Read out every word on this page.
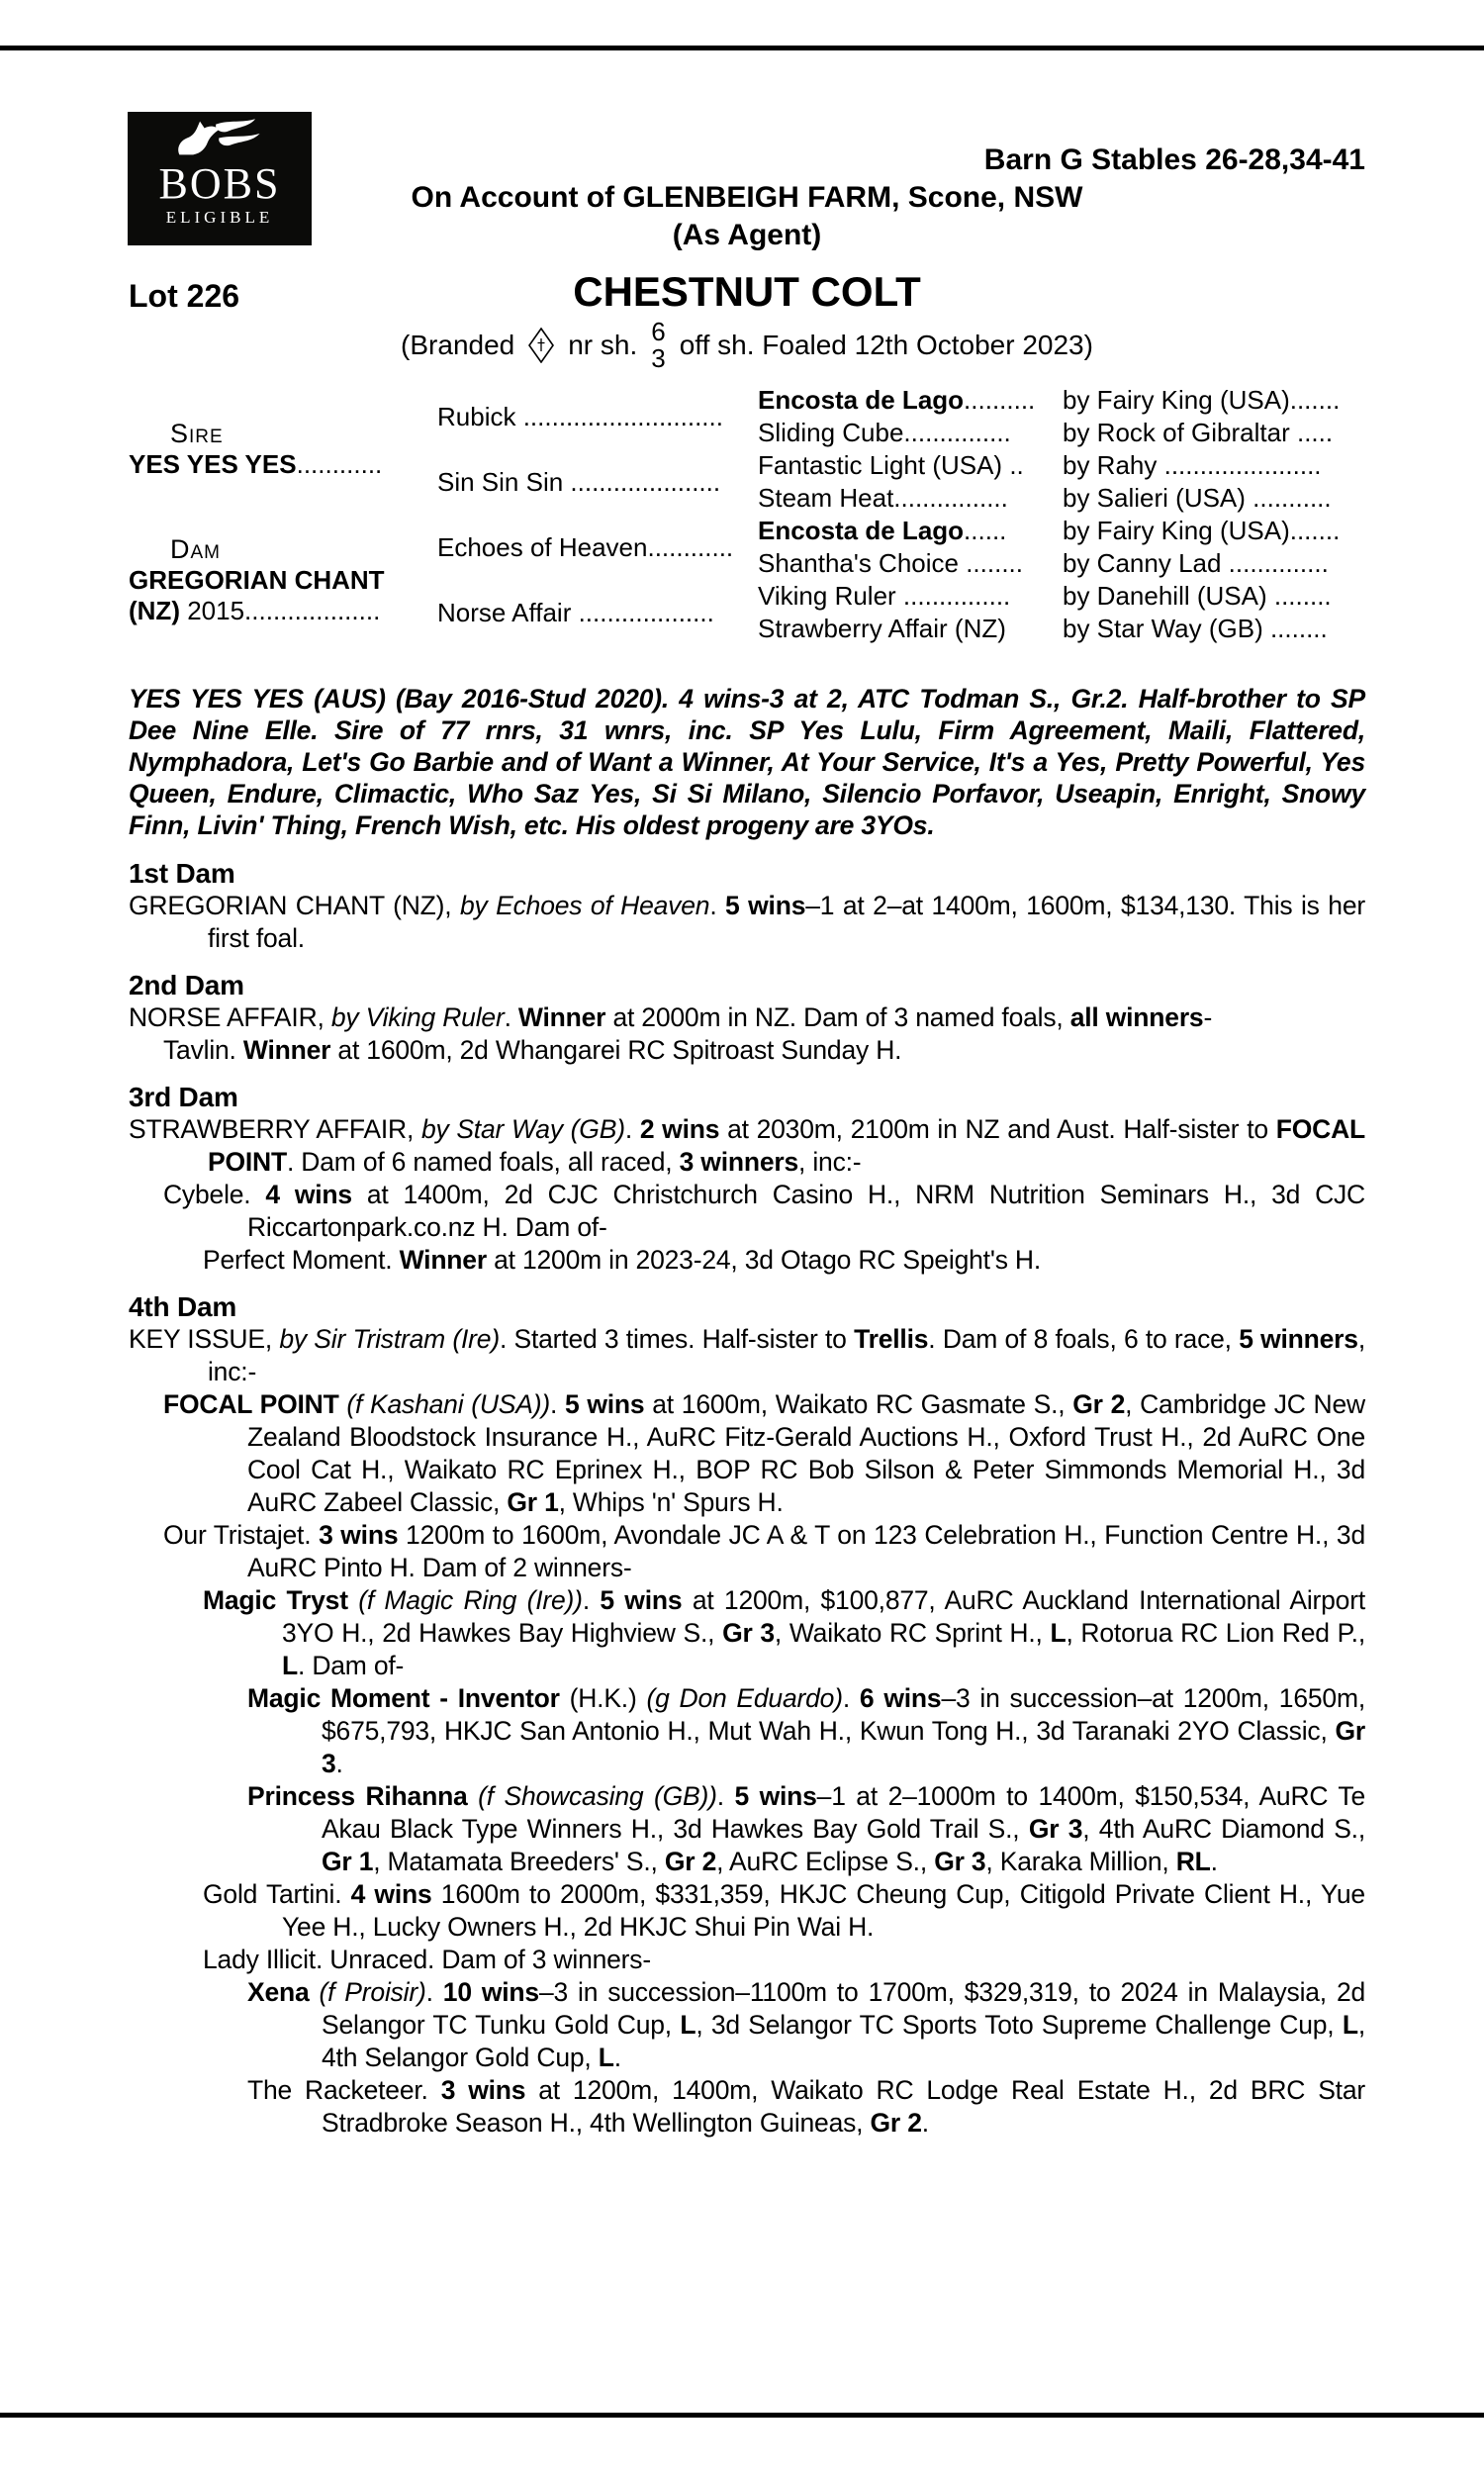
BOBS
ELIGIBLE
Barn G Stables 26-28,34-41
On Account of GLENBEIGH FARM, Scone, NSW
(As Agent)
Lot 226	CHESTNUT COLT
(Branded nr sh. 6
3 off sh. Foaled 12th October 2023)
Sire
YES YES YES............
Dam
GREGORIAN CHANT (NZ) 2015...................
Rubick ............................
Sin Sin Sin .....................
Echoes of Heaven............
Norse Affair ...................
Encosta de Lago ..........
Sliding Cube...............
Fantastic Light (USA) ..
Steam Heat................
Encosta de Lago ......
Shantha's Choice ........
Viking Ruler ...............
Strawberry Affair (NZ)
by Fairy King (USA).......
by Rock of Gibraltar .....
by Rahy ......................
by Salieri (USA) ...........
by Fairy King (USA).......
by Canny Lad ..............
by Danehill (USA) ........
by Star Way (GB) ........

YES YES YES (AUS) (Bay 2016-Stud 2020). 4 wins-3 at 2, ATC Todman S., Gr.2. Half-brother to SP Dee Nine Elle. Sire of 77 rnrs, 31 wnrs, inc. SP Yes Lulu, Firm Agreement, Maili, Flattered, Nymphadora, Let's Go Barbie and of Want a Winner, At Your Service, It's a Yes, Pretty Powerful, Yes Queen, Endure, Climactic, Who Saz Yes, Si Si Milano, Silencio Porfavor, Useapin, Enright, Snowy Finn, Livin' Thing, French Wish, etc. His oldest progeny are 3YOs.

1st Dam

GREGORIAN CHANT (NZ), by Echoes of Heaven. 5 wins–1 at 2–at 1400m, 1600m, $134,130. This is her first foal.

2nd Dam

NORSE AFFAIR, by Viking Ruler. Winner at 2000m in NZ. Dam of 3 named foals, all winners-

Tavlin. Winner at 1600m, 2d Whangarei RC Spitroast Sunday H.

3rd Dam

STRAWBERRY AFFAIR, by Star Way (GB). 2 wins at 2030m, 2100m in NZ and Aust. Half-sister to FOCAL POINT. Dam of 6 named foals, all raced, 3 winners, inc:-

Cybele. 4 wins at 1400m, 2d CJC Christchurch Casino H., NRM Nutrition Seminars H., 3d CJC Riccartonpark.co.nz H. Dam of-

Perfect Moment. Winner at 1200m in 2023-24, 3d Otago RC Speight's H.

4th Dam

KEY ISSUE, by Sir Tristram (Ire). Started 3 times. Half-sister to Trellis. Dam of 8 foals, 6 to race, 5 winners, inc:-

FOCAL POINT (f Kashani (USA)). 5 wins at 1600m, Waikato RC Gasmate S., Gr 2, Cambridge JC New Zealand Bloodstock Insurance H., AuRC Fitz-Gerald Auctions H., Oxford Trust H., 2d AuRC One Cool Cat H., Waikato RC Eprinex H., BOP RC Bob Silson & Peter Simmonds Memorial H., 3d AuRC Zabeel Classic, Gr 1, Whips 'n' Spurs H.

Our Tristajet. 3 wins 1200m to 1600m, Avondale JC A & T on 123 Celebration H., Function Centre H., 3d AuRC Pinto H. Dam of 2 winners-

Magic Tryst (f Magic Ring (Ire)). 5 wins at 1200m, $100,877, AuRC Auckland International Airport 3YO H., 2d Hawkes Bay Highview S., Gr 3, Waikato RC Sprint H., L, Rotorua RC Lion Red P., L. Dam of-

Magic Moment - Inventor (H.K.) (g Don Eduardo). 6 wins–3 in succession–at 1200m, 1650m, $675,793, HKJC San Antonio H., Mut Wah H., Kwun Tong H., 3d Taranaki 2YO Classic, Gr 3.

Princess Rihanna (f Showcasing (GB)). 5 wins–1 at 2–1000m to 1400m, $150,534, AuRC Te Akau Black Type Winners H., 3d Hawkes Bay Gold Trail S., Gr 3, 4th AuRC Diamond S., Gr 1, Matamata Breeders' S., Gr 2, AuRC Eclipse S., Gr 3, Karaka Million, RL.

Gold Tartini. 4 wins 1600m to 2000m, $331,359, HKJC Cheung Cup, Citigold Private Client H., Yue Yee H., Lucky Owners H., 2d HKJC Shui Pin Wai H.

Lady Illicit. Unraced. Dam of 3 winners-

Xena (f Proisir). 10 wins–3 in succession–1100m to 1700m, $329,319, to 2024 in Malaysia, 2d Selangor TC Tunku Gold Cup, L, 3d Selangor TC Sports Toto Supreme Challenge Cup, L, 4th Selangor Gold Cup, L.

The Racketeer. 3 wins at 1200m, 1400m, Waikato RC Lodge Real Estate H., 2d BRC Star Stradbroke Season H., 4th Wellington Guineas, Gr 2.
